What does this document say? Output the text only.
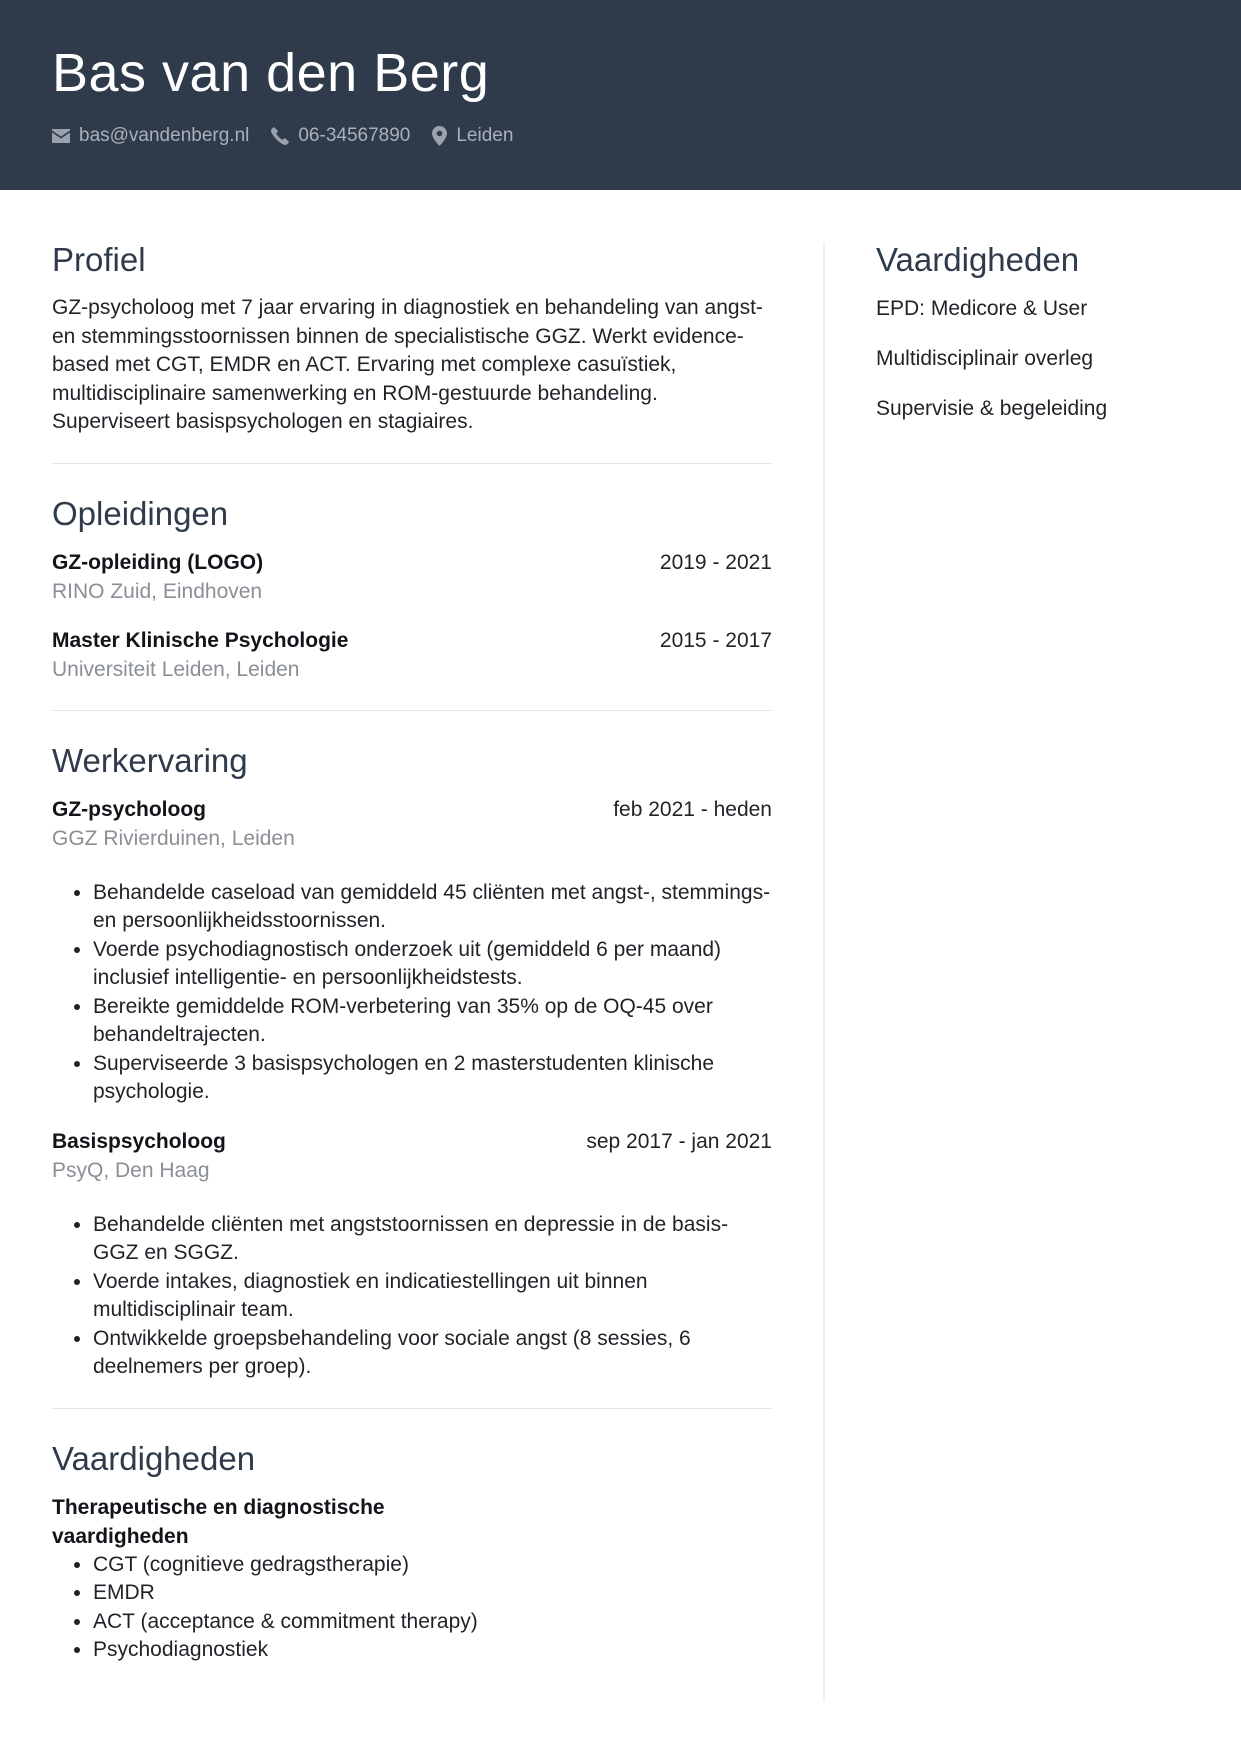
Bas van den Berg
bas@vandenberg.nl	06-34567890 Leiden
Profiel

GZ-psycholoog met 7 jaar ervaring in diagnostiek en behandeling van angst- en stemmingsstoornissen binnen de specialistische GGZ. Werkt evidence-based met CGT, EMDR en ACT. Ervaring met complexe casuïstiek, multidisciplinaire samenwerking en ROM-gestuurde behandeling. Superviseert basispsychologen en stagiaires.

Opleidingen
GZ-opleiding (LOGO)	2019 - 2021
RINO Zuid, Eindhoven
Master Klinische Psychologie	2015 - 2017
Universiteit Leiden, Leiden
Werkervaring
GZ-psycholoog	feb 2021 - heden
GGZ Rivierduinen, Leiden
• Behandelde caseload van gemiddeld 45 cliënten met angst-, stemmings- en persoonlijkheidsstoornissen.
• Voerde psychodiagnostisch onderzoek uit (gemiddeld 6 per maand) inclusief intelligentie- en persoonlijkheidstests.
• Bereikte gemiddelde ROM-verbetering van 35% op de OQ-45 over behandeltrajecten.
• Superviseerde 3 basispsychologen en 2 masterstudenten klinische psychologie.
Basispsycholoog	sep 2017 - jan 2021
PsyQ, Den Haag
• Behandelde cliënten met angststoornissen en depressie in de basis-GGZ en SGGZ.
• Voerde intakes, diagnostiek en indicatiestellingen uit binnen multidisciplinair team.
• Ontwikkelde groepsbehandeling voor sociale angst (8 sessies, 6 deelnemers per groep).
Vaardigheden
Therapeutische en diagnostische vaardigheden
• CGT (cognitieve gedragstherapie)
• EMDR
• ACT (acceptance & commitment therapy)
• Psychodiagnostiek
Vaardigheden
EPD: Medicore & User
Multidisciplinair overleg
Supervisie & begeleiding
